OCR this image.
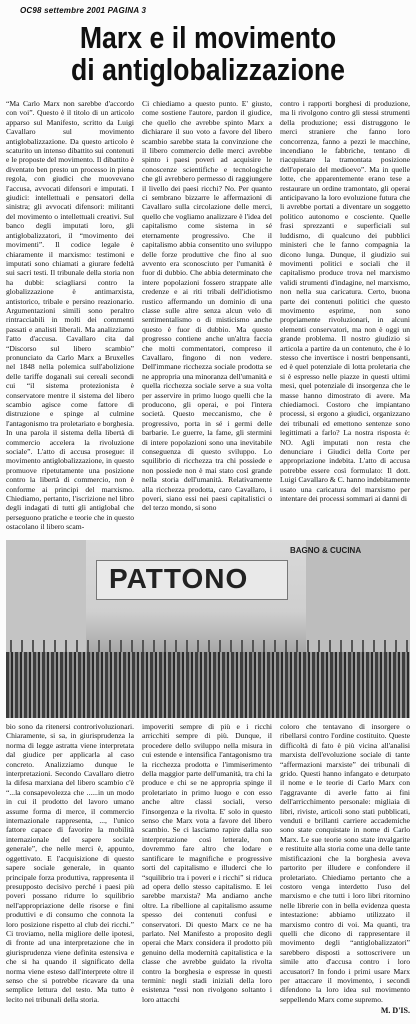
OC98 settembre 2001 PAGINA 3
Marx e il movimento
di antiglobalizzazione

“Ma Carlo Marx non sarebbe d'accordo con voi”. Questo è il titolo di un articolo apparso sul Manifesto, scritto da Luigi Cavallaro sul movimento antiglobalizzazione. Da questo articolo è scaturito un intenso dibattito sui contenuti e le proposte del movimento. Il dibattito è diventato ben presto un processo in piena regola, con giudici che muovevano l'accusa, avvocati difensori e imputati. I giudici: intellettuali e pensatori della sinistra; gli avvocati difensori: militanti del movimento o intellettuali creativi. Sul banco degli imputati loro, gli antiglobalizzatori, il “movimento dei movimenti”. Il codice legale è chiaramente il marxismo: testimoni e imputati sono chiamati a giurare fedeltà sui sacri testi. Il tribunale della storia non ha dubbi: sciagliarsi contro la globalizzazione è antimarxista, antistorico, tribale e persino reazionario. Argumentazioni simili sono peraltro rintracciabili in molti dei commenti passati e analisti liberali. Ma analizziamo l'atto d'accusa. Cavallaro cita dal “Discorso sul libero scambio” pronunciato da Carlo Marx a Bruxelles nel 1848 nella polemica sull'abolizione delle tariffe doganali sui cereali secondi cui “il sistema protezionista è conservatore mentre il sistema del libero scambio agisce come fattore di distruzione e spinge al culmine l'antagonismo tra proletariato e borghesia. In una parola il sistema della libertà di commercio accelera la rivoluzione sociale”. L'atto di accusa prosegue: il movimento antiglobalizzazione, in questo promuove ripetutamente una posizione contro la libertà di commercio, non è conforme ai principi del marxismo. Chiediamo, pertanto, l'iscrizione nel libro degli indagati di tutti gli antiglobal che perseguono pratiche e teorie che in questo ostacolano il libero scam-

Ci chiediamo a questo punto. E' giusto, come sostiene l'autore, pardon il giudice, che quello che avrebbe spinto Marx a dichiarare il suo voto a favore del libero scambio sarebbe stata la convinzione che il libero commercio delle merci avrebbe spinto i paesi poveri ad acquisire le conoscenze scientifiche e tecnologiche che gli avrebbero permesso di raggiungere il livello dei paesi ricchi? No. Per quanto ci sembrano bizzarre le affermazioni di Cavallaro sulla circolazione delle merci, quello che vogliamo analizzare è l'idea del capitalismo come sistema in sé eternamente progressivo. Che il capitalismo abbia consentito uno sviluppo delle forze produttive che fino al suo avvento era sconosciuto per l'umanità è fuor di dubbio. Che abbia determinato che intere popolazioni fossero strappate alle credenze e ai riti tribali dell'idiotismo rustico affermando un dominio di una classe sulle altre senza alcun velo di sentimentalismo o di misticismo anche questo è fuor di dubbio. Ma questo progresso contiene anche un'altra faccia che molti commentatori, compreso il Cavallaro, fingono di non vedere. Dell'immane ricchezza sociale prodotta se ne appropria una minoranza dell'umanità e quella ricchezza sociale serve a sua volta per asservire in primo luogo quelli che la producono, gli operai, e poi l'intera società. Questo meccanismo, che è progressivo, porta in sé i germi delle barbarie. Le guerre, la fame, gli stermini di intere popolazioni sono una inevitabile conseguenza di questo sviluppo. Lo squilibrio di ricchezza tra chi possiede e non possiede non è mai stato così grande nella storia dell'umanità. Relativamente alla ricchezza prodotta, caro Cavallaro, i poveri, siano essi nei paesi capitalistici o del terzo mondo, si sono

contro i rapporti borghesi di produzione, ma li rivolgono contro gli stessi strumenti della produzione; essi distruggono le merci straniere che fanno loro concorrenza, fanno a pezzi le macchine, incendiano le fabbriche, tentano di riacquistare la tramontata posizione dell'operaio del medioevo”. Ma in quelle lotte, che apparentemente erano tese a restaurare un ordine tramontato, gli operai anticipavano la loro evoluzione futura che li avrebbe portati a diventare un soggetto politico autonomo e cosciente. Quelle frasi sprezzanti e superficiali sul luddismo, di qualcuno dei pubblici ministeri che le fanno compagnia la dicono lunga. Dunque, il giudizio sui movimenti politici e sociali che il capitalismo produce trova nel marxismo validi strumenti d'indagine, nel marxismo, non nella sua caricatura. Certo, buona parte dei contenuti politici che questo movimento esprime, non sono propriamente rivoluzionari, in alcuni elementi conservatori, ma non è oggi un grande problema. Il nostro giudizio si articola a partire da un contenuto, che è lo stesso che invertisce i nostri benpensanti, ed è quel potenziale di lotta proletaria che si è espresso nelle piazze in questi ultimi mesi, quel potenziale di insorgenza che le masse hanno dimostrato di avere. Ma chiediamoci. Costoro che impiantano processi, si ergono a giudici, organizzano dei tribunali ed emettono sentenze sono legittimati a farlo? La nostra risposta è: NO. Agli imputati non resta che denunciare i Giudici della Corte per appropriazione indebita. L'atto di accusa potrebbe essere così formulato: Il dott. Luigi Cavallaro & C. hanno indebitamente usato una caricatura del marxismo per intentare dei processi sommari ai danni di

PATTONO
BAGNO & CUCINA

bio sono da ritenersi controrivoluzionari. Chiaramente, si sa, in giurisprudenza la norma di legge astratta viene interpretata dal giudice per applicarla al caso concreto. Analizziamo dunque le interpretazioni. Secondo Cavallaro dietro la difesa marxiana del libero scambio c'è “...la consapevolezza che ......in un modo in cui il prodotto del lavoro umano assume forma di merce, il commercio internazionale rappresenta, ..., l'unico fattore capace di favorire la mobilità internazionale del sapere sociale generale”, che nelle merci è, appunto, oggettivato. E l'acquisizione di questo sapere sociale generale, in quanto principale forza produttiva, rappresenta il presupposto decisivo perché i paesi più poveri possano ridurre lo squilibrio nell'appropriazione delle risorse e fini produttivi e di consumo che connota la loro posizione rispetto al club dei ricchi.” Ci troviamo, nella migliore delle ipotesi, di fronte ad una interpretazione che in giurisprudenza viene definita estensiva e che si ha quando il significato della norma viene esteso dall'interprete oltre il senso che si potrebbe ricavare da una semplice lettura del testo. Ma tutto è lecito nei tribunali della storia.

impoveriti sempre di più e i ricchi arricchiti sempre di più. Dunque, il procedere dello sviluppo nella misura in cui estende e intensifica l'antagonismo tra la ricchezza prodotta e l'immiserimento della maggior parte dell'umanità, tra chi la produce e chi se ne appropria spinge il proletariato in primo luogo e con esso anche altre classi sociali, verso l'insorgenza e la rivolta. E' solo in questo senso che Marx vota a favore del libero scambio. Se ci lasciamo rapire dalla suo interpretazione così letterale, non dovremmo fare altro che lodare e santificare le magnifiche e progressive sorti del capitalismo e illuderci che lo “squilibrio tra i poveri e i ricchi” si riduca ad opera dello stesso capitalismo. E lei sarebbe marxista? Ma andiamo anche oltre. La ribellione al capitalismo assume spesso dei contenuti confusi e conservatori. Di questo Marx ce ne ha parlato. Nel Manifesto a proposito degli operai che Marx considera il prodotto più genuino della modernità capitalistica e la classe che avrebbe guidato la rivolta contro la borghesia e espresse in questi termini: negli stadi iniziali della loro esistenza “essi non rivolgono soltanto i loro attacchi

coloro che tentavano di insorgere o ribellarsi contro l'ordine costituito. Queste difficoltà di fato è più vicina all'analisi marxista dell'evoluzione sociale di tante “affermazioni marxiste” dei tribunali di grido. Questi hanno infangato e deturpato il nome e le teorie di Carlo Marx con l'aggravante di averle fatto ai fini dell'arricchimento personale: migliaia di libri, riviste, articoli sono stati pubblicati, venduti e brillanti carriere accademiche sono state conquistate in nome di Carlo Marx. Le sue teorie sono state invalgarite e restituite alla storia come una delle tante mistificazioni che la borghesia aveva partorito per illudere e confondere il proletariato. Chiediamo pertanto che a costoro venga interdetto l'uso del marxismo e che tutti i loro libri ritornino nelle librerie con in bella evidenza questa intestazione: abbiamo utilizzato il marxismo contro di voi. Ma quanti, tra quelli che dicono di rappresentare il movimento degli “antiglobalizzatori” sarebbero disposti a sottoscrivere un simile atto d'accusa contro i loro accusatori? In fondo i primi usare Marx per attaccare il movimento, i secondi difendono la loro idea sul movimento seppellendo Marx come supremo.

M. D'IS.
